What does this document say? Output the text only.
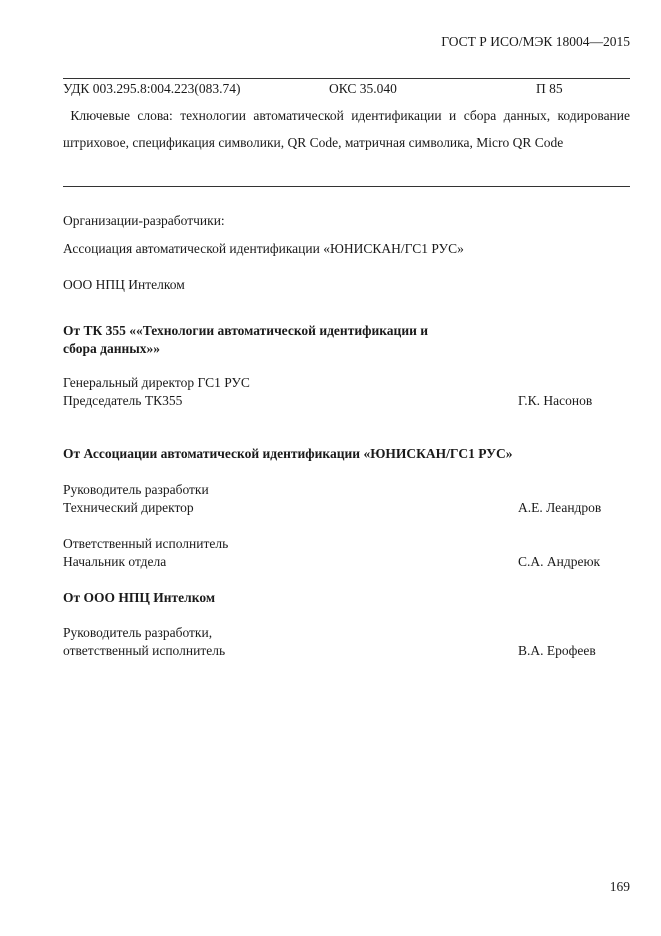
ГОСТ Р ИСО/МЭК 18004—2015
УДК 003.295.8:004.223(083.74)	ОКС 35.040	П 85
Ключевые слова: технологии автоматической идентификации и сбора данных, кодирование штриховое, спецификация символики, QR Code, матричная символика, Micro QR Code
Организации-разработчики:
Ассоциация автоматической идентификации «ЮНИСКАН/ГС1 РУС»
ООО НПЦ Интелком
От ТК 355 ««Технологии автоматической идентификации и
сбора данных»»
Генеральный директор ГС1 РУС
Председатель ТК355	Г.К. Насонов
От Ассоциации автоматической идентификации «ЮНИСКАН/ГС1 РУС»
Руководитель разработки
Технический директор	А.Е. Леандров
Ответственный исполнитель
Начальник отдела	С.А. Андреюк
От ООО НПЦ Интелком
Руководитель разработки,
ответственный исполнитель	В.А. Ерофеев
169
